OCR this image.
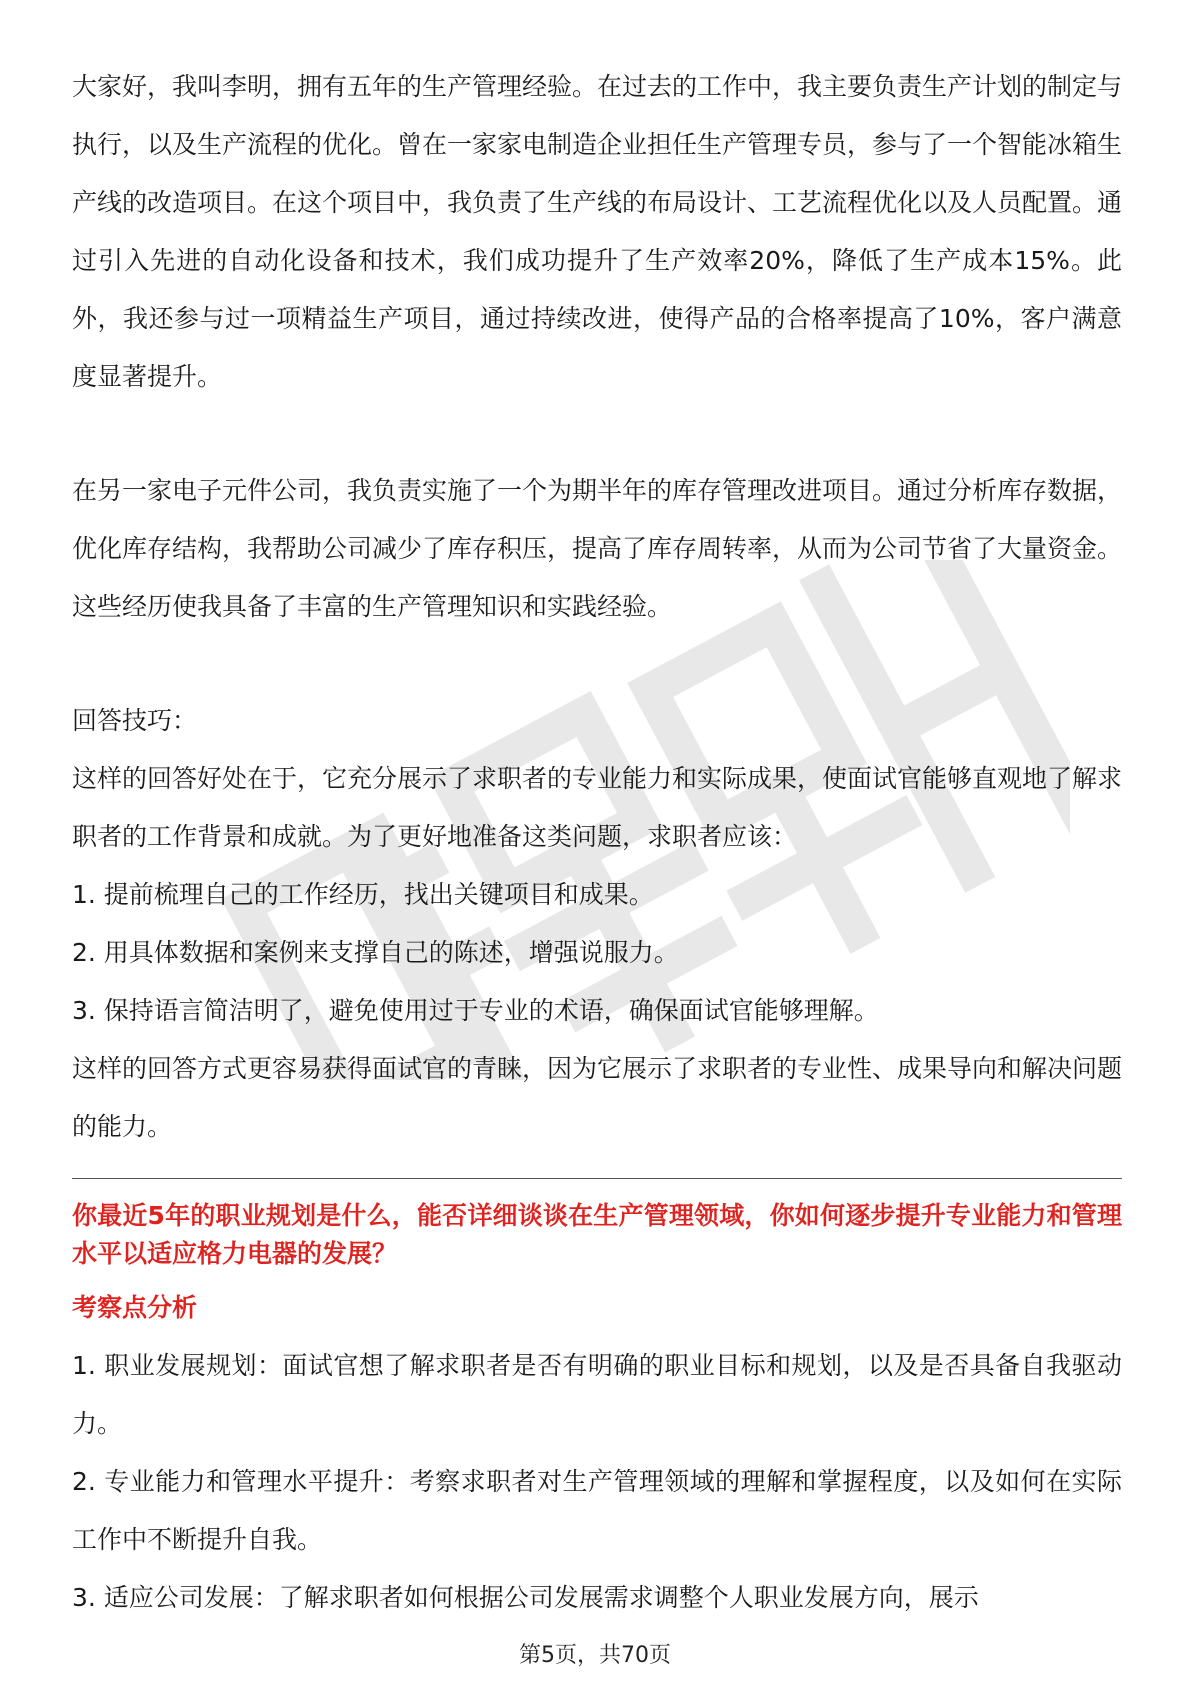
大家好，我叫李明，拥有五年的生产管理经验。在过去的工作中，我主要负责生产计划的制定与执行，以及生产流程的优化。曾在一家家电制造企业担任生产管理专员，参与了一个智能冰箱生产线的改造项目。在这个项目中，我负责了生产线的布局设计、工艺流程优化以及人员配置。通过引入先进的自动化设备和技术，我们成功提升了生产效率20%，降低了生产成本15%。此外，我还参与过一项精益生产项目，通过持续改进，使得产品的合格率提高了10%，客户满意度显著提升。

在另一家电子元件公司，我负责实施了一个为期半年的库存管理改进项目。通过分析库存数据，优化库存结构，我帮助公司减少了库存积压，提高了库存周转率，从而为公司节省了大量资金。这些经历使我具备了丰富的生产管理知识和实践经验。

回答技巧：

这样的回答好处在于，它充分展示了求职者的专业能力和实际成果，使面试官能够直观地了解求职者的工作背景和成就。为了更好地准备这类问题，求职者应该：

1. 提前梳理自己的工作经历，找出关键项目和成果。

2. 用具体数据和案例来支撑自己的陈述，增强说服力。

3. 保持语言简洁明了，避免使用过于专业的术语，确保面试官能够理解。

这样的回答方式更容易获得面试官的青睐，因为它展示了求职者的专业性、成果导向和解决问题的能力。

你最近5年的职业规划是什么，能否详细谈谈在生产管理领域，你如何逐步提升专业能力和管理水平以适应格力电器的发展？

考察点分析

1. 职业发展规划：面试官想了解求职者是否有明确的职业目标和规划，以及是否具备自我驱动力。

2. 专业能力和管理水平提升：考察求职者对生产管理领域的理解和掌握程度，以及如何在实际工作中不断提升自我。

3. 适应公司发展：了解求职者如何根据公司发展需求调整个人职业发展方向，展示

第5页，共70页
